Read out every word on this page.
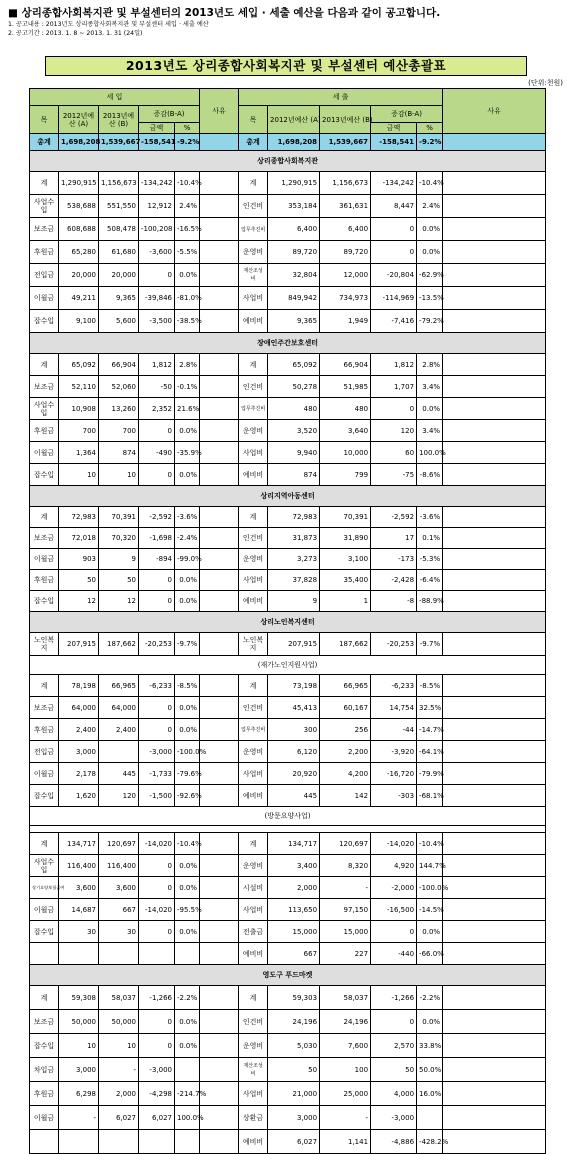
■ 상리종합사회복지관 및 부설센터의 2013년도 세입 · 세출 예산을 다음과 같이 공고합니다.
1. 공고내용 : 2013년도 상리종합사회복지관 및 부설센터 세입 · 세출 예산
2. 공고기간 : 2013. 1. 8 ~ 2013. 1. 31 (24일)
2013년도 상리종합사회복지관 및 부설센터 예산총괄표
(단위:천원)
세 입					사유	세 출					사유
목	2012년예산 (A)	2013년예산 (B)	증감(B-A)			목	2012년예산 (A)	2013년예산 (B)	증감(B-A)		
			금액	%					금액	%	
총계	1,698,208	1,539,667	-158,541	-9.2%		총계	1,698,208	1,539,667	-158,541	-9.2%	
상리종합사회복지관											
계	1,290,915	1,156,673	-134,242	-10.4%		계	1,290,915	1,156,673	-134,242	-10.4%	
사업수입	538,688	551,550	12,912	2.4%		인건비	353,184	361,631	8,447	2.4%	
보조금	608,688	508,478	-100,208	-16.5%		업무추진비	6,400	6,400	0	0.0%	
후원금	65,280	61,680	-3,600	-5.5%		운영비	89,720	89,720	0	0.0%	
전입금	20,000	20,000	0	0.0%		재산조성비	32,804	12,000	-20,804	-62.9%	
이월금	49,211	9,365	-39,846	-81.0%		사업비	849,942	734,973	-114,969	-13.5%	
잡수입	9,100	5,600	-3,500	-38.5%		예비비	9,365	1,949	-7,416	-79.2%	
장애인주간보호센터											
계	65,092	66,904	1,812	2.8%		계	65,092	66,904	1,812	2.8%	
보조금	52,110	52,060	-50	-0.1%		인건비	50,278	51,985	1,707	3.4%	
사업수입	10,908	13,260	2,352	21.6%		업무추진비	480	480	0	0.0%	
후원금	700	700	0	0.0%		운영비	3,520	3,640	120	3.4%	
이월금	1,364	874	-490	-35.9%		사업비	9,940	10,000	60	100.0%	
잡수입	10	10	0	0.0%		예비비	874	799	-75	-8.6%	
상리지역아동센터											
계	72,983	70,391	-2,592	-3.6%		계	72,983	70,391	-2,592	-3.6%	
보조금	72,018	70,320	-1,698	-2.4%		인건비	31,873	31,890	17	0.1%	
이월금	903	9	-894	-99.0%		운영비	3,273	3,100	-173	-5.3%	
후원금	50	50	0	0.0%		사업비	37,828	35,400	-2,428	-6.4%	
잡수입	12	12	0	0.0%		예비비	9	1	-8	-88.9%	
상리노인복지센터											
노인복지	207,915	187,662	-20,253	-9.7%		노인복지	207,915	187,662	-20,253	-9.7%	
(재가노인지원사업)											
계	78,198	66,965	-6,233	-8.5%		계	73,198	66,965	-6,233	-8.5%	
보조금	64,000	64,000	0	0.0%		인건비	45,413	60,167	14,754	32.5%	
후원금	2,400	2,400	0	0.0%		업무추진비	300	256	-44	-14.7%	
전입금	3,000		-3,000	-100.0%		운영비	6,120	2,200	-3,920	-64.1%	
이월금	2,178	445	-1,733	-79.6%		사업비	20,920	4,200	-16,720	-79.9%	
잡수입	1,620	120	-1,500	-92.6%		예비비	445	142	-303	-68.1%	
(방문요양사업)											

계	134,717	120,697	-14,020	-10.4%		계	134,717	120,697	-14,020	-10.4%	
사업수입	116,400	116,400	0	0.0%		운영비	3,400	8,320	4,920	144.7%	
장기요양보험급여	3,600	3,600	0	0.0%		시설비	2,000	-	-2,000	-100.0%	
이월금	14,687	667	-14,020	-95.5%		사업비	113,650	97,150	-16,500	-14.5%	
잡수입	30	30	0	0.0%		전출금	15,000	15,000	0	0.0%	
						예비비	667	227	-440	-66.0%	
영도구 푸드마켓											
계	59,308	58,037	-1,266	-2.2%		계	59,303	58,037	-1,266	-2.2%	
보조금	50,000	50,000	0	0.0%		인건비	24,196	24,196	0	0.0%	
잡수입	10	10	0	0.0%		운영비	5,030	7,600	2,570	33.8%	
차입금	3,000	-	-3,000			재산조성비	50	100	50	50.0%	
후원금	6,298	2,000	-4,298	-214.7%		사업비	21,000	25,000	4,000	16.0%	
이월금	-	6,027	6,027	100.0%		상환금	3,000	-	-3,000		
						예비비	6,027	1,141	-4,886	-428.2%	
